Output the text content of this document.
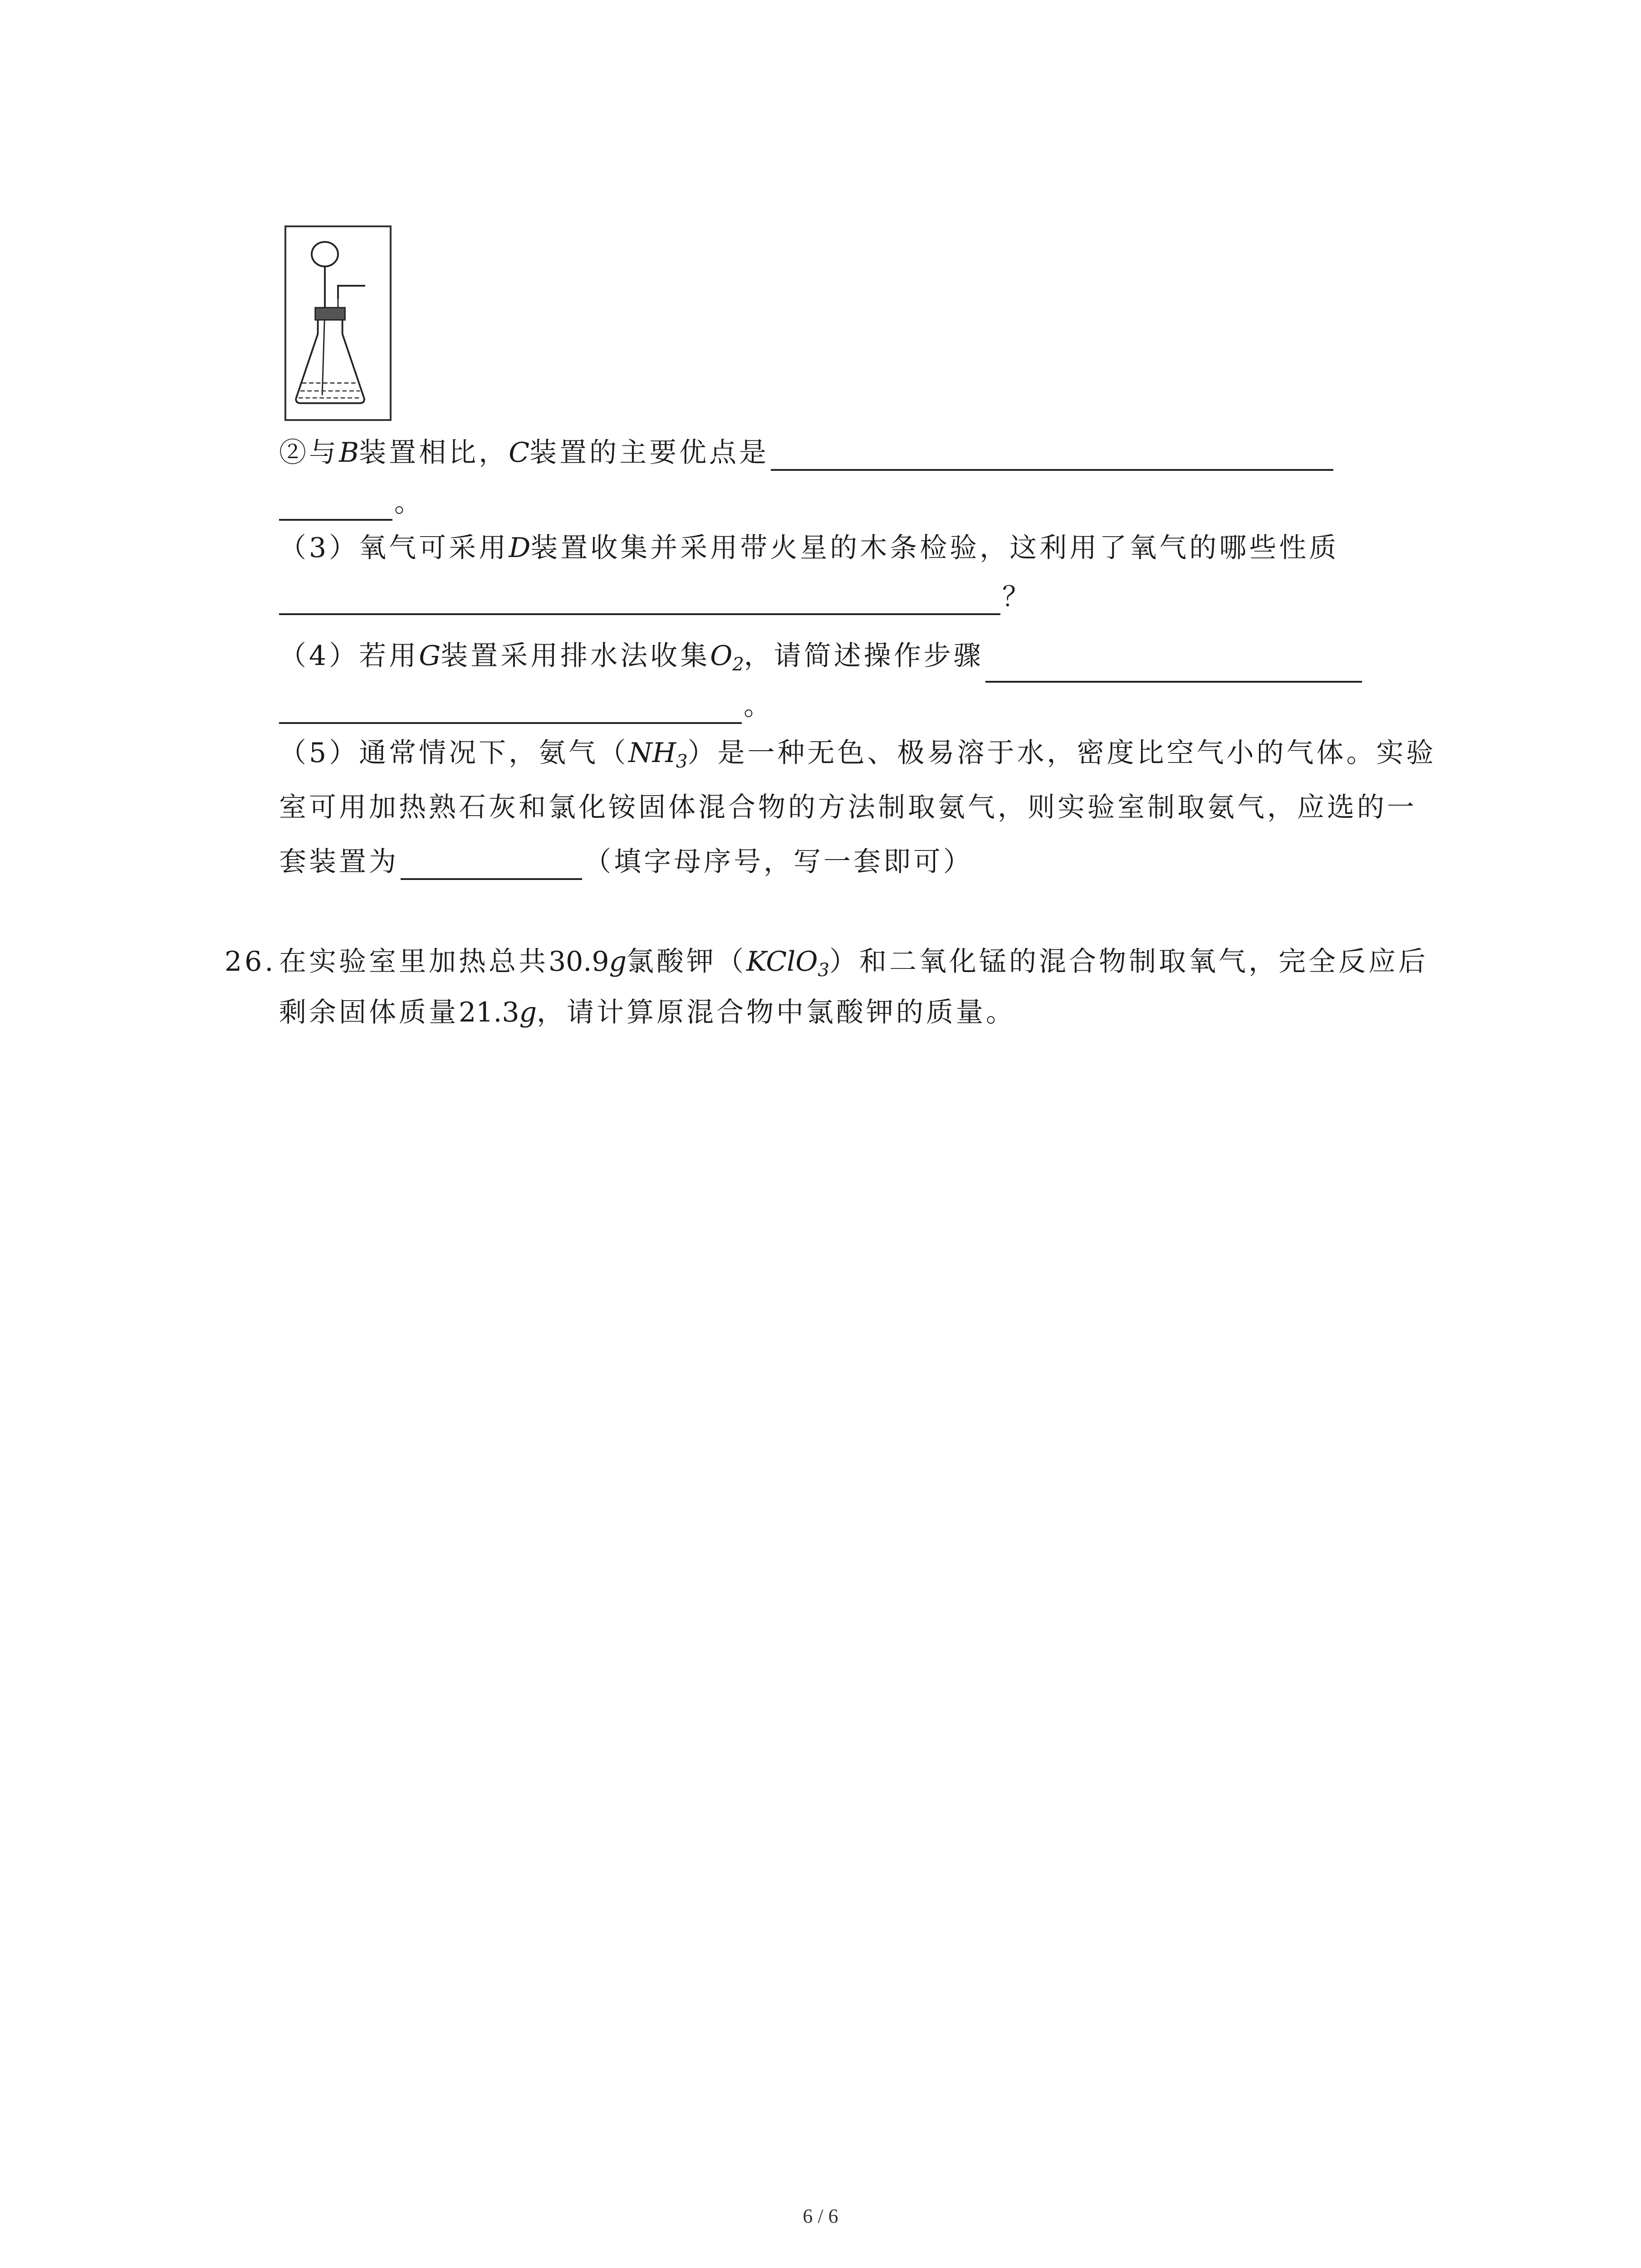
②与B装置相比，C装置的主要优点是
。
（3）氧气可采用D装置收集并采用带火星的木条检验，这利用了氧气的哪些性质
？
（4）若用G装置采用排水法收集$O_2$，请简述操作步骤
。
（5）通常情况下，氨气$(NH_3)$是一种无色、极易溶于水，密度比空气小的气体。实验
室可用加热熟石灰和氯化铵固体混合物的方法制取氨气，则实验室制取氨气，应选的一
套装置为	（填字母序号，写一套即可）
26. 在实验室里加热总共30.9g氯酸钾（KClO$_3$）和二氧化锰的混合物制取氧气，完全反应后
剩余固体质量21.3g，请计算原混合物中氯酸钾的质量。
6 / 6
